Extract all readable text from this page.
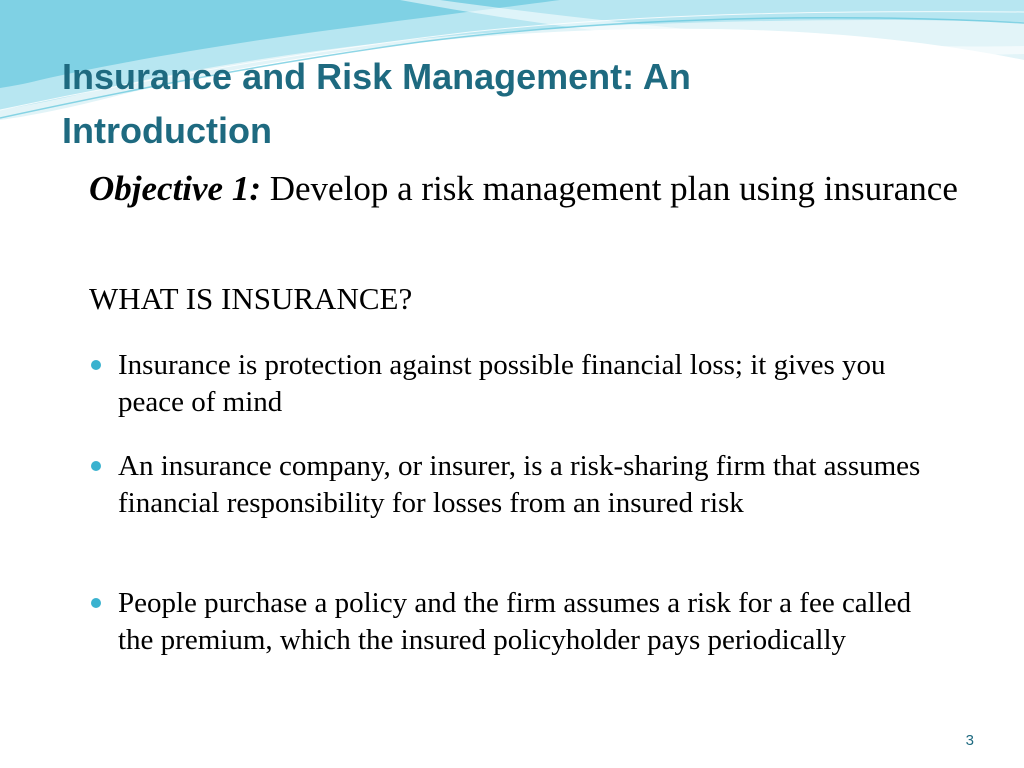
Insurance and Risk Management: An
Introduction
Objective 1: Develop a risk management plan using insurance
WHAT IS INSURANCE?
Insurance is protection against possible financial loss; it gives you peace of mind
An insurance company, or insurer, is a risk-sharing firm that assumes financial responsibility for losses from an insured risk
People purchase a policy and the firm assumes a risk for a fee called the premium, which the insured policyholder pays periodically
3
